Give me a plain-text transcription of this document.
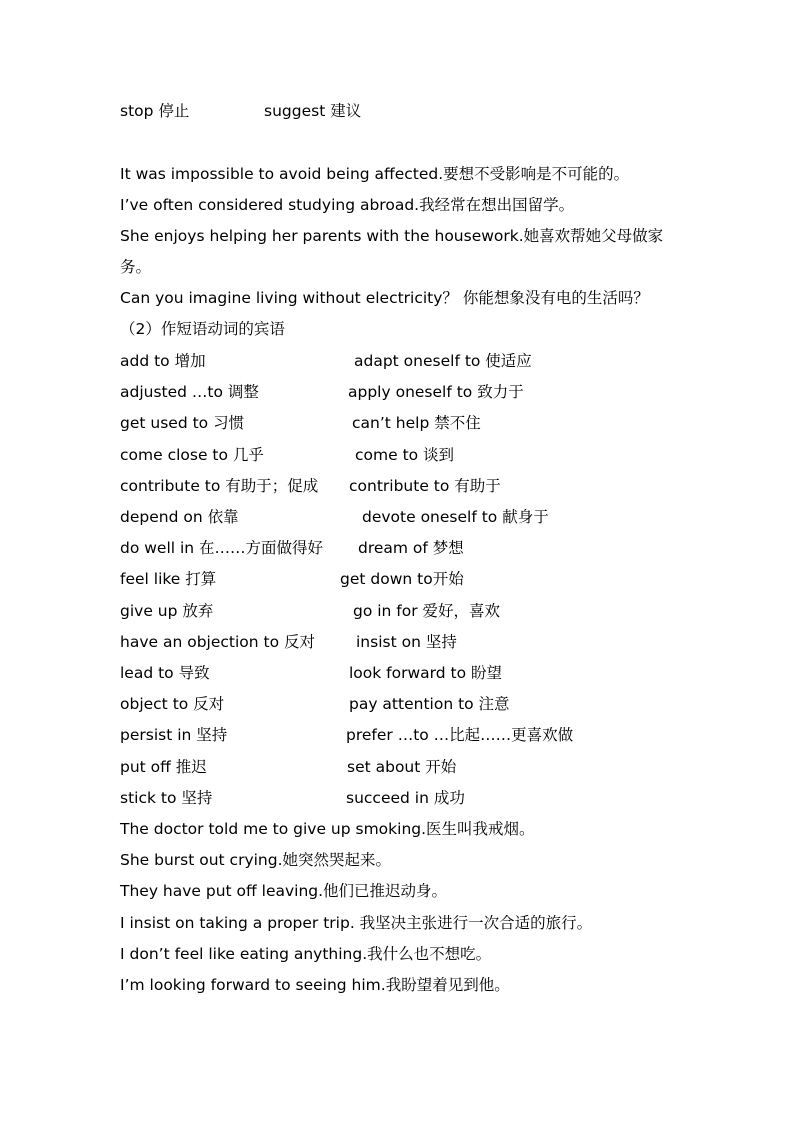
stop 停止	suggest 建议
It was impossible to avoid being affected.要想不受影响是不可能的。
I’ve often considered studying abroad.我经常在想出国留学。
She enjoys helping her parents with the housework.她喜欢帮她父母做家
务。
Can you imagine living without electricity？ 你能想象没有电的生活吗？
（2）作短语动词的宾语
add to 增加	adapt oneself to 使适应
adjusted …to 调整	apply oneself to 致力于
get used to 习惯	can’t help 禁不住
come close to 几乎	come to 谈到
contribute to 有助于；促成 contribute to 有助于
depend on 依靠	devote oneself to 献身于
do well in 在……方面做得好 dream of 梦想
feel like 打算	get down to开始
give up 放弃	go in for 爱好，喜欢
have an objection to 反对	insist on 坚持
lead to 导致	look forward to 盼望
object to 反对	pay attention to 注意
persist in 坚持	prefer …to …比起……更喜欢做
put off 推迟	set about 开始
stick to 坚持	succeed in 成功
The doctor told me to give up smoking.医生叫我戒烟。
She burst out crying.她突然哭起来。
They have put off leaving.他们已推迟动身。
I insist on taking a proper trip. 我坚决主张进行一次合适的旅行。
I don’t feel like eating anything.我什么也不想吃。
I’m looking forward to seeing him.我盼望着见到他。
